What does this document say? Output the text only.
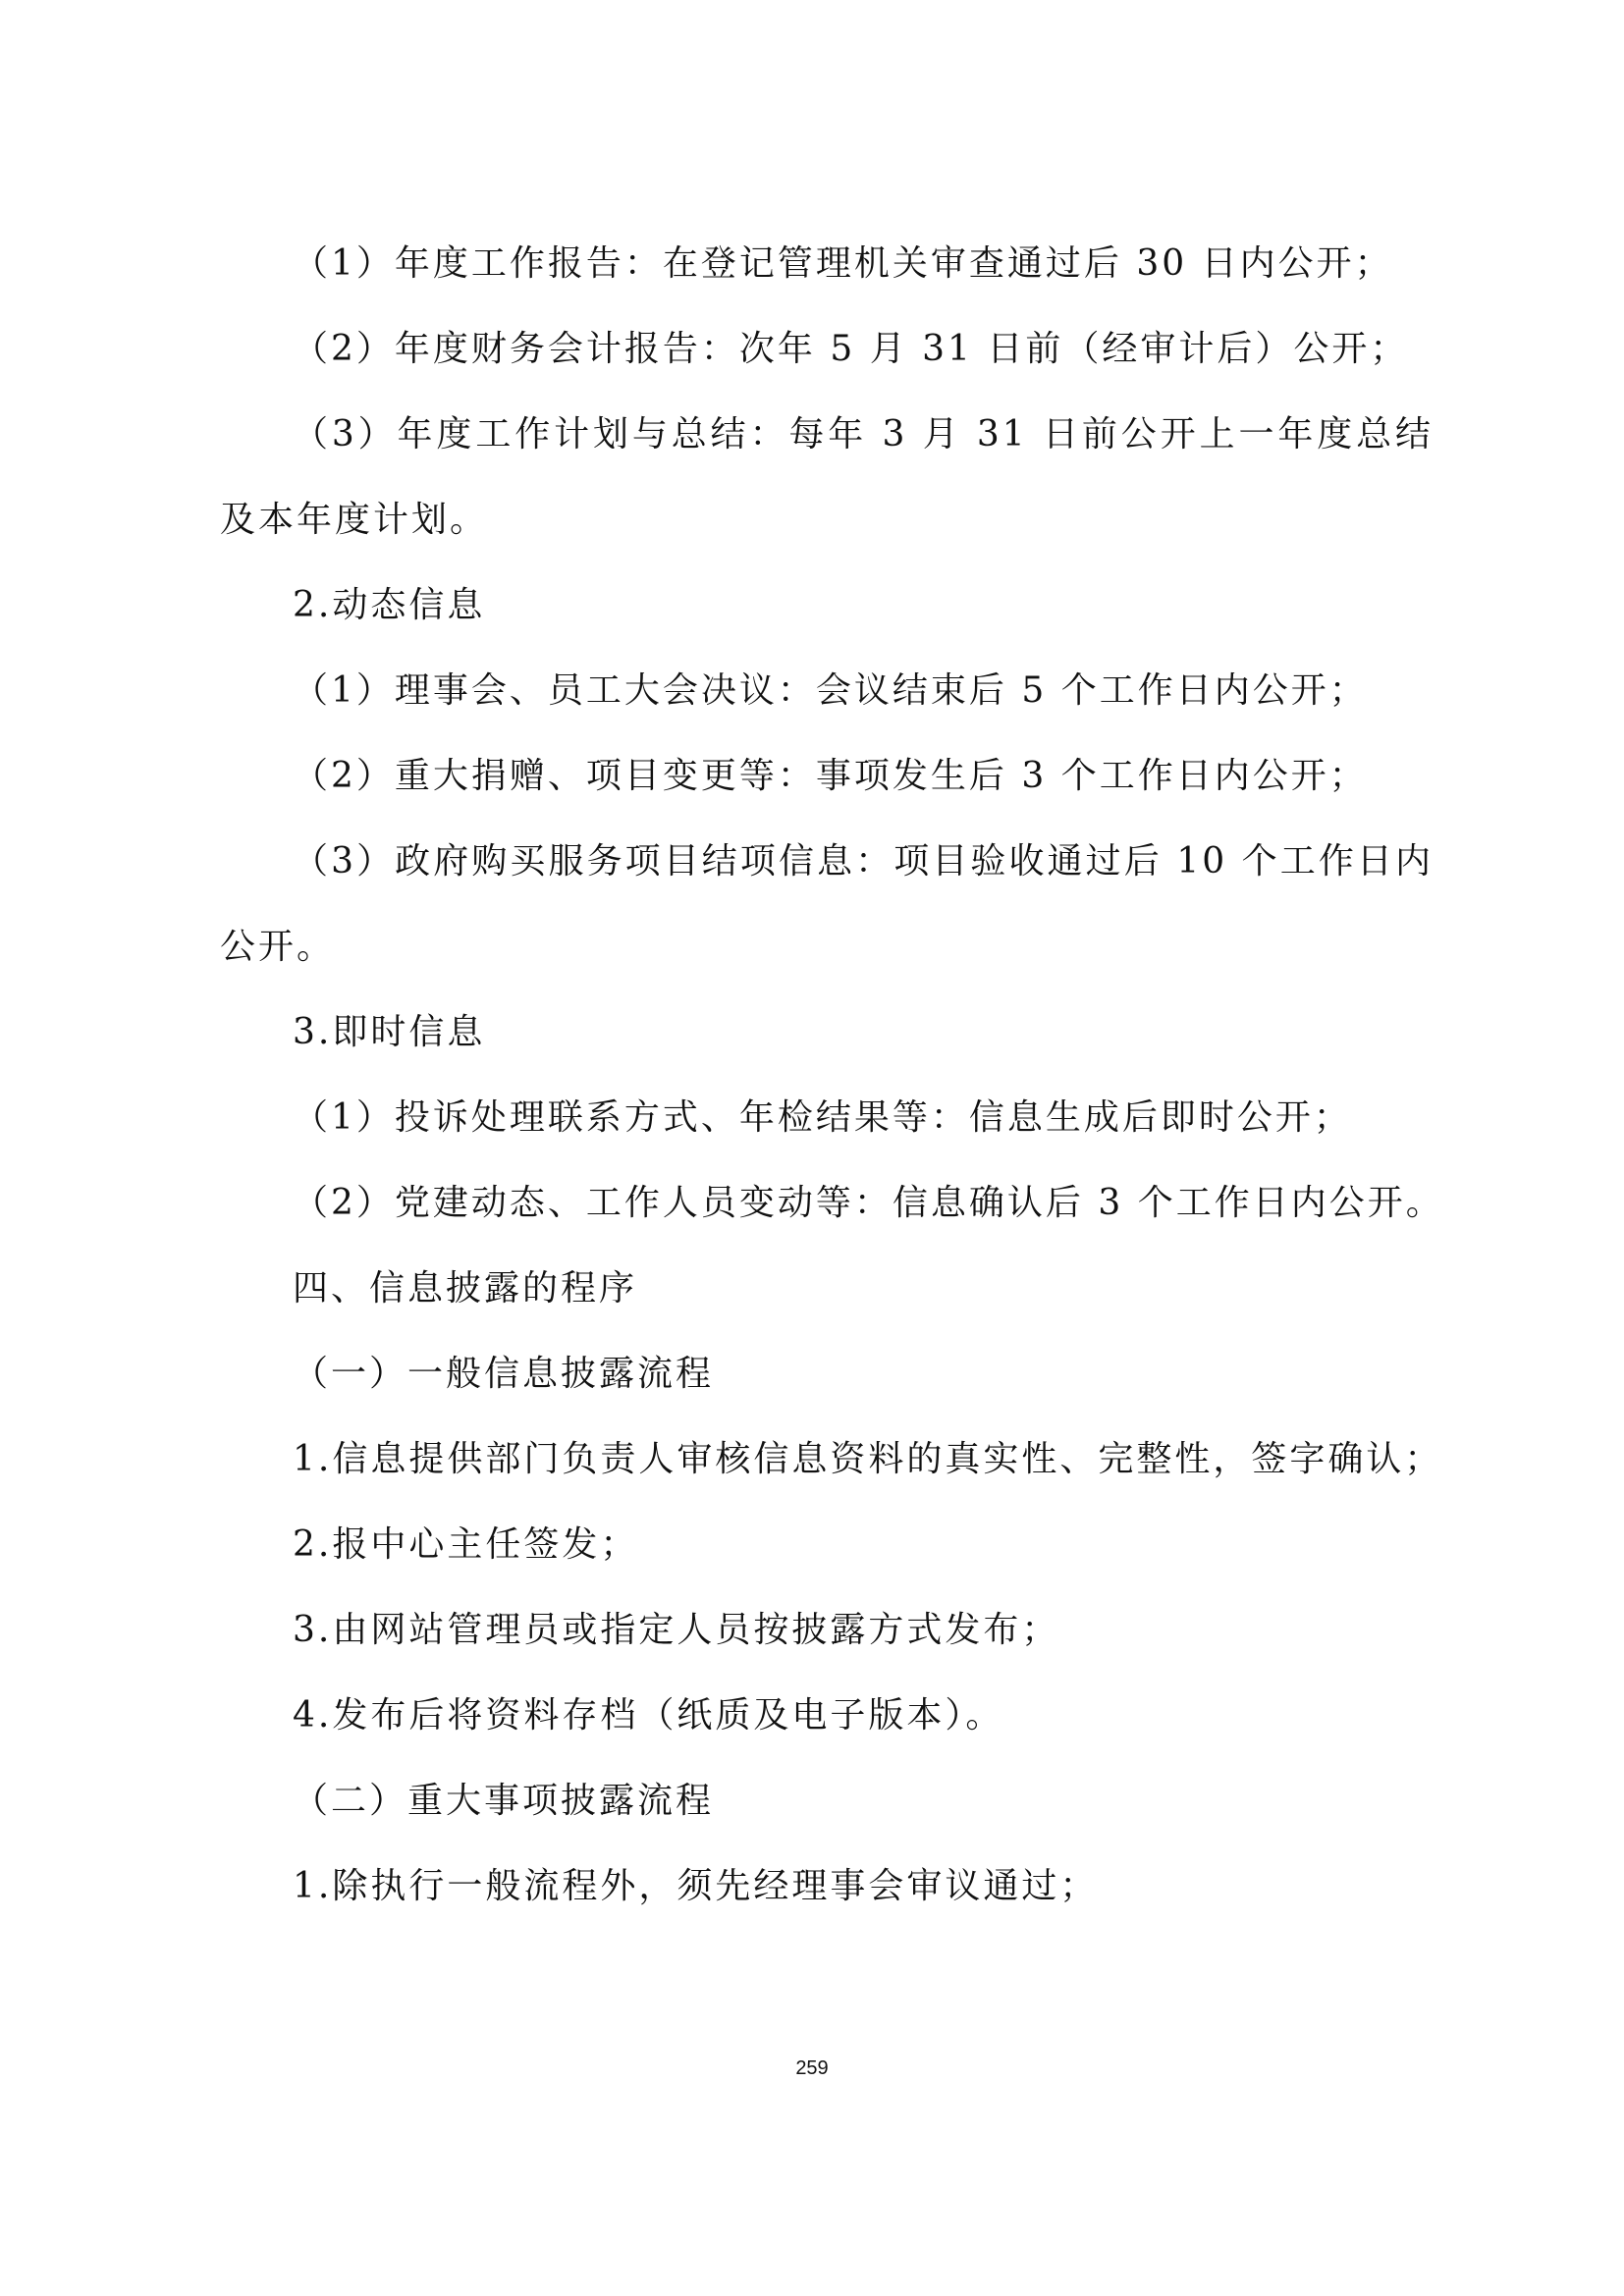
（1）年度工作报告：在登记管理机关审查通过后 30 日内公开；

（2）年度财务会计报告：次年 5 月 31 日前（经审计后）公开；

（3）年度工作计划与总结：每年 3 月 31 日前公开上一年度总结及本年度计划。

2.动态信息

（1）理事会、员工大会决议：会议结束后 5 个工作日内公开；

（2）重大捐赠、项目变更等：事项发生后 3 个工作日内公开；

（3）政府购买服务项目结项信息：项目验收通过后 10 个工作日内公开。

3.即时信息

（1）投诉处理联系方式、年检结果等：信息生成后即时公开；

（2）党建动态、工作人员变动等：信息确认后 3 个工作日内公开。

四、信息披露的程序

（一）一般信息披露流程

1.信息提供部门负责人审核信息资料的真实性、完整性，签字确认；

2.报中心主任签发；

3.由网站管理员或指定人员按披露方式发布；

4.发布后将资料存档（纸质及电子版本）。

（二）重大事项披露流程

1.除执行一般流程外，须先经理事会审议通过；

259
